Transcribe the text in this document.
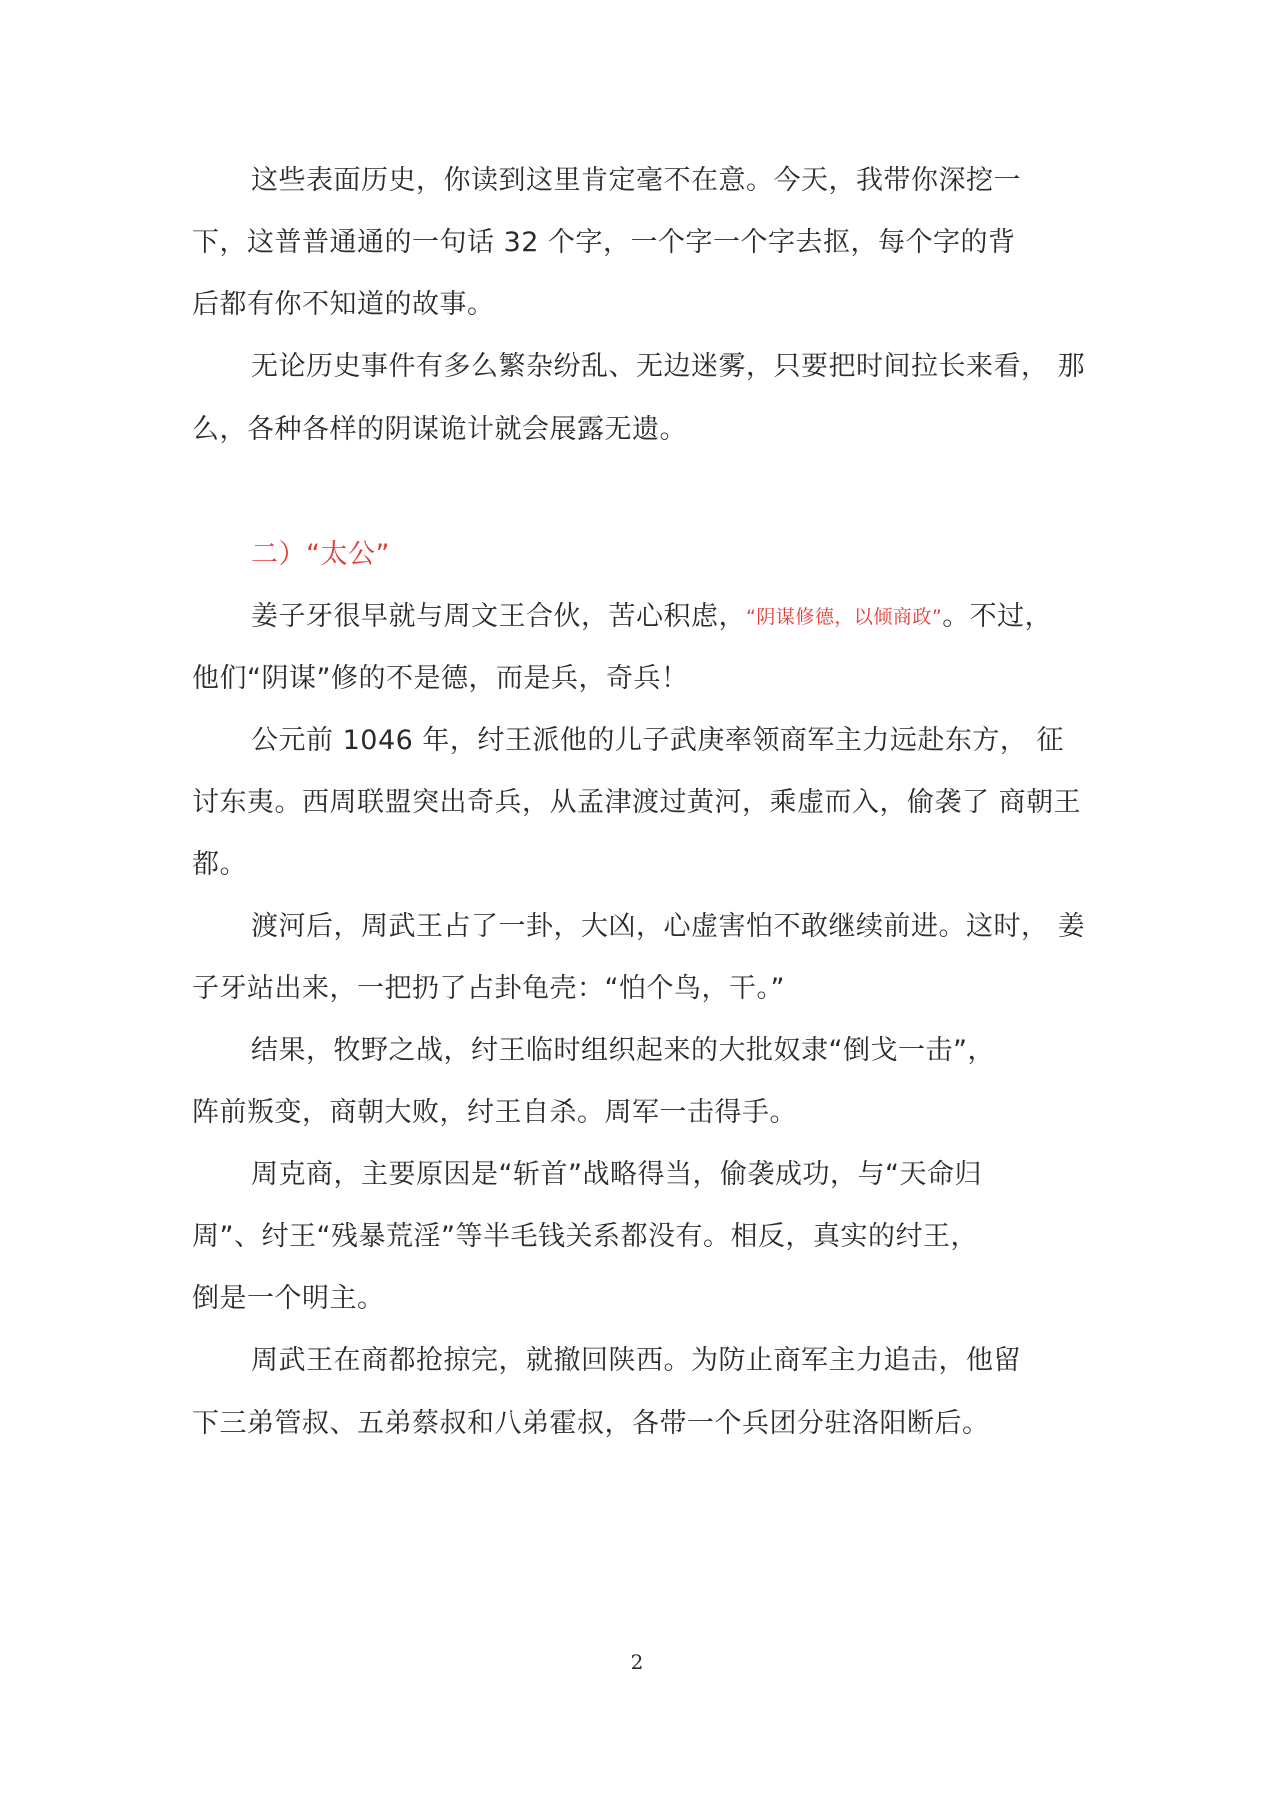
这些表面历史，你读到这里肯定毫不在意。今天，我带你深挖一
下，这普普通通的一句话 32 个字，一个字一个字去抠，每个字的背
后都有你不知道的故事。
无论历史事件有多么繁杂纷乱、无边迷雾，只要把时间拉长来看， 那
么，各种各样的阴谋诡计就会展露无遗。
二）“太公”
姜子牙很早就与周文王合伙，苦心积虑，“阴谋修德，以倾商政”。不过，
他们“阴谋”修的不是德，而是兵，奇兵！
公元前 1046 年，纣王派他的儿子武庚率领商军主力远赴东方， 征
讨东夷。西周联盟突出奇兵，从孟津渡过黄河，乘虚而入，偷袭了 商朝王
都。
渡河后，周武王占了一卦，大凶，心虚害怕不敢继续前进。这时， 姜
子牙站出来，一把扔了占卦龟壳：“怕个鸟，干。”
结果，牧野之战，纣王临时组织起来的大批奴隶“倒戈一击”，
阵前叛变，商朝大败，纣王自杀。周军一击得手。
周克商，主要原因是“斩首”战略得当，偷袭成功，与“天命归
周”、纣王“残暴荒淫”等半毛钱关系都没有。相反，真实的纣王，
倒是一个明主。
周武王在商都抢掠完，就撤回陕西。为防止商军主力追击，他留
下三弟管叔、五弟蔡叔和八弟霍叔，各带一个兵团分驻洛阳断后。
2
